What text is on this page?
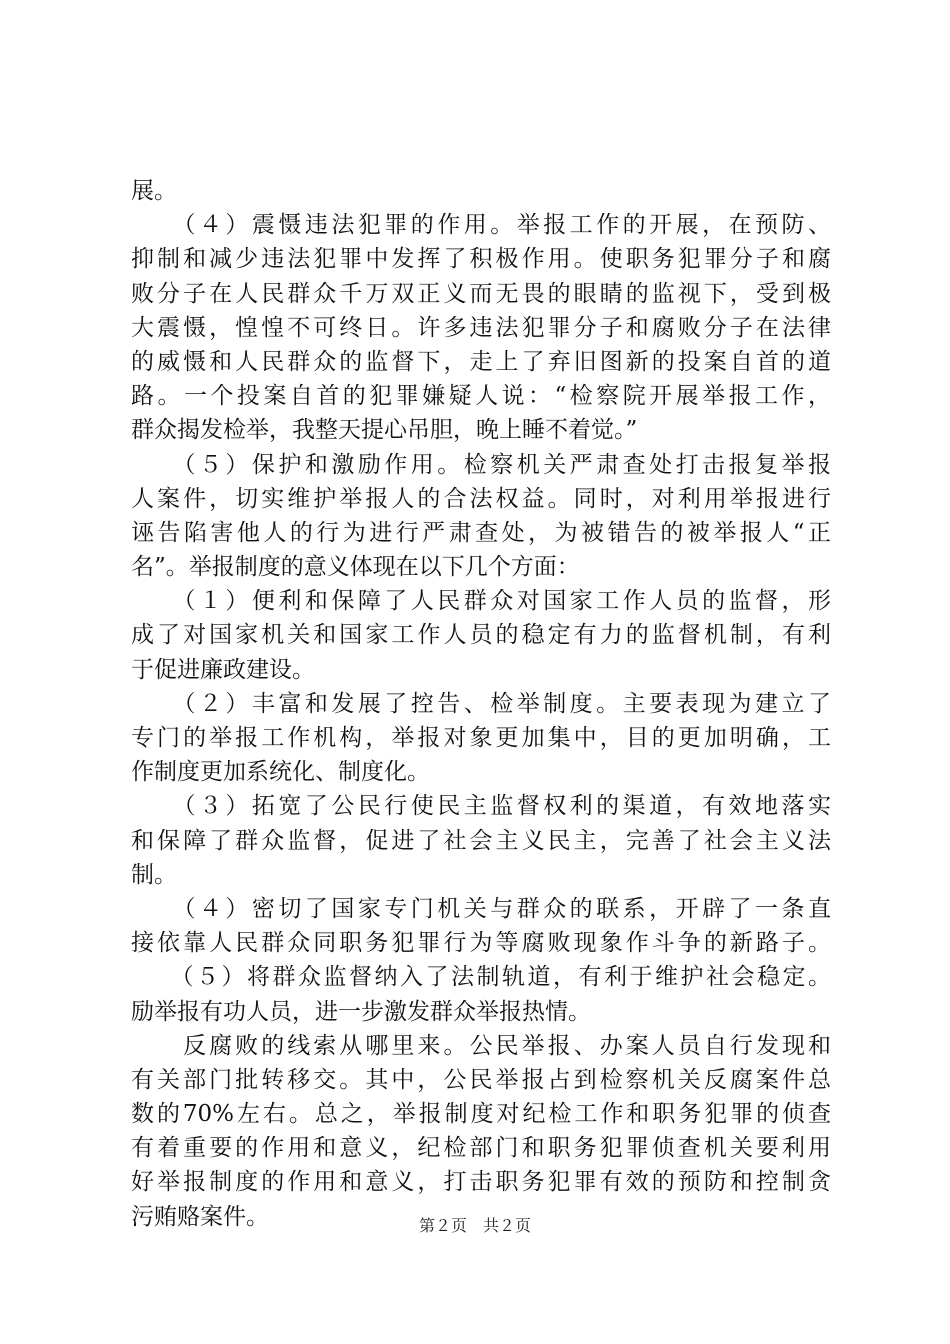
展。
　　（４）震慑违法犯罪的作用。举报工作的开展，在预防、
抑制和减少违法犯罪中发挥了积极作用。使职务犯罪分子和腐
败分子在人民群众千万双正义而无畏的眼睛的监视下，受到极
大震慑，惶惶不可终日。许多违法犯罪分子和腐败分子在法律
的威慑和人民群众的监督下，走上了弃旧图新的投案自首的道
路。一个投案自首的犯罪嫌疑人说：“检察院开展举报工作，
群众揭发检举，我整天提心吊胆，晚上睡不着觉。”
　　（５）保护和激励作用。检察机关严肃查处打击报复举报
人案件，切实维护举报人的合法权益。同时，对利用举报进行
诬告陷害他人的行为进行严肃查处，为被错告的被举报人“正
名”。举报制度的意义体现在以下几个方面：
　　（１）便利和保障了人民群众对国家工作人员的监督，形
成了对国家机关和国家工作人员的稳定有力的监督机制，有利
于促进廉政建设。
　　（２）丰富和发展了控告、检举制度。主要表现为建立了
专门的举报工作机构，举报对象更加集中，目的更加明确，工
作制度更加系统化、制度化。
　　（３）拓宽了公民行使民主监督权利的渠道，有效地落实
和保障了群众监督，促进了社会主义民主，完善了社会主义法
制。
　　（４）密切了国家专门机关与群众的联系，开辟了一条直
接依靠人民群众同职务犯罪行为等腐败现象作斗争的新路子。
　　（５）将群众监督纳入了法制轨道，有利于维护社会稳定。
励举报有功人员，进一步激发群众举报热情。
　　反腐败的线索从哪里来。公民举报、办案人员自行发现和
有关部门批转移交。其中，公民举报占到检察机关反腐案件总
数的70%左右。总之，举报制度对纪检工作和职务犯罪的侦查
有着重要的作用和意义，纪检部门和职务犯罪侦查机关要利用
好举报制度的作用和意义，打击职务犯罪有效的预防和控制贪
污贿赂案件。	第２页　共２页
